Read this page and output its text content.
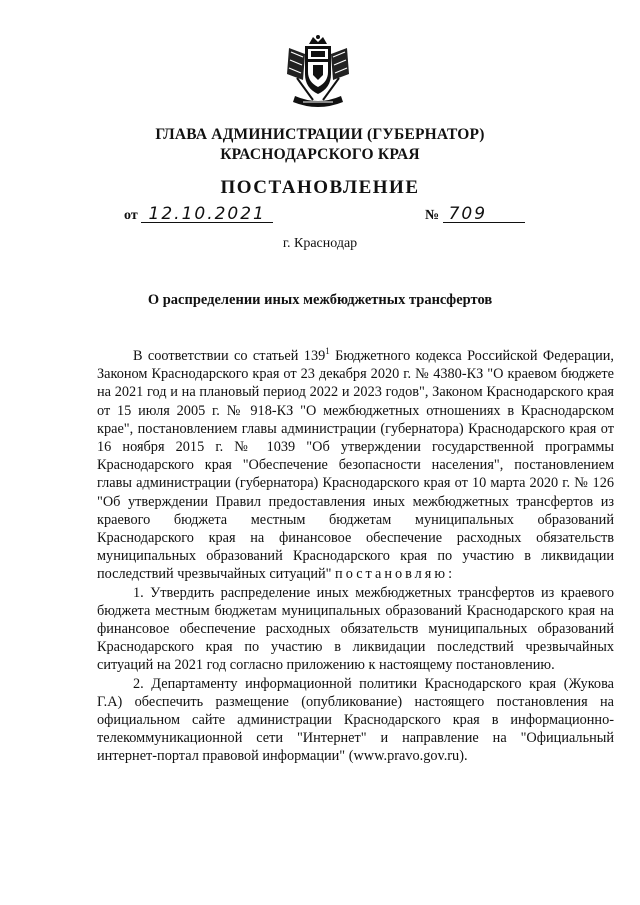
ГЛАВА АДМИНИСТРАЦИИ (ГУБЕРНАТОР)
КРАСНОДАРСКОГО КРАЯ
ПОСТАНОВЛЕНИЕ
от 12.10.2021	№ 709
г. Краснодар
О распределении иных межбюджетных трансфертов

В соответствии со статьей $139^1$ Бюджетного кодекса Российской Федерации, Законом Краснодарского края от 23 декабря 2020 г. № 4380-КЗ "О краевом бюджете на 2021 год и на плановый период 2022 и 2023 годов", Законом Краснодарского края от 15 июля 2005 г. № 918-КЗ "О межбюджетных отношениях в Краснодарском крае", постановлением главы администрации (губернатора) Краснодарского края от 16 ноября 2015 г. № 1039 "Об утверждении государственной программы Краснодарского края "Обеспечение безопасности населения", постановлением главы администрации (губернатора) Краснодарского края от 10 марта 2020 г. № 126 "Об утверждении Правил предоставления иных межбюджетных трансфертов из краевого бюджета местным бюджетам муниципальных образований Краснодарского края на финансовое обеспечение расходных обязательств муниципальных образований Краснодарского края по участию в ликвидации последствий чрезвычайных ситуаций" постановляю:

1. Утвердить распределение иных межбюджетных трансфертов из краевого бюджета местным бюджетам муниципальных образований Краснодарского края на финансовое обеспечение расходных обязательств муниципальных образований Краснодарского края по участию в ликвидации последствий чрезвычайных ситуаций на 2021 год согласно приложению к настоящему постановлению.

2. Департаменту информационной политики Краснодарского края (Жукова Г.А) обеспечить размещение (опубликование) настоящего постановления на официальном сайте администрации Краснодарского края в информационно-телекоммуникационной сети "Интернет" и направление на "Официальный интернет-портал правовой информации" (www.pravo.gov.ru).
